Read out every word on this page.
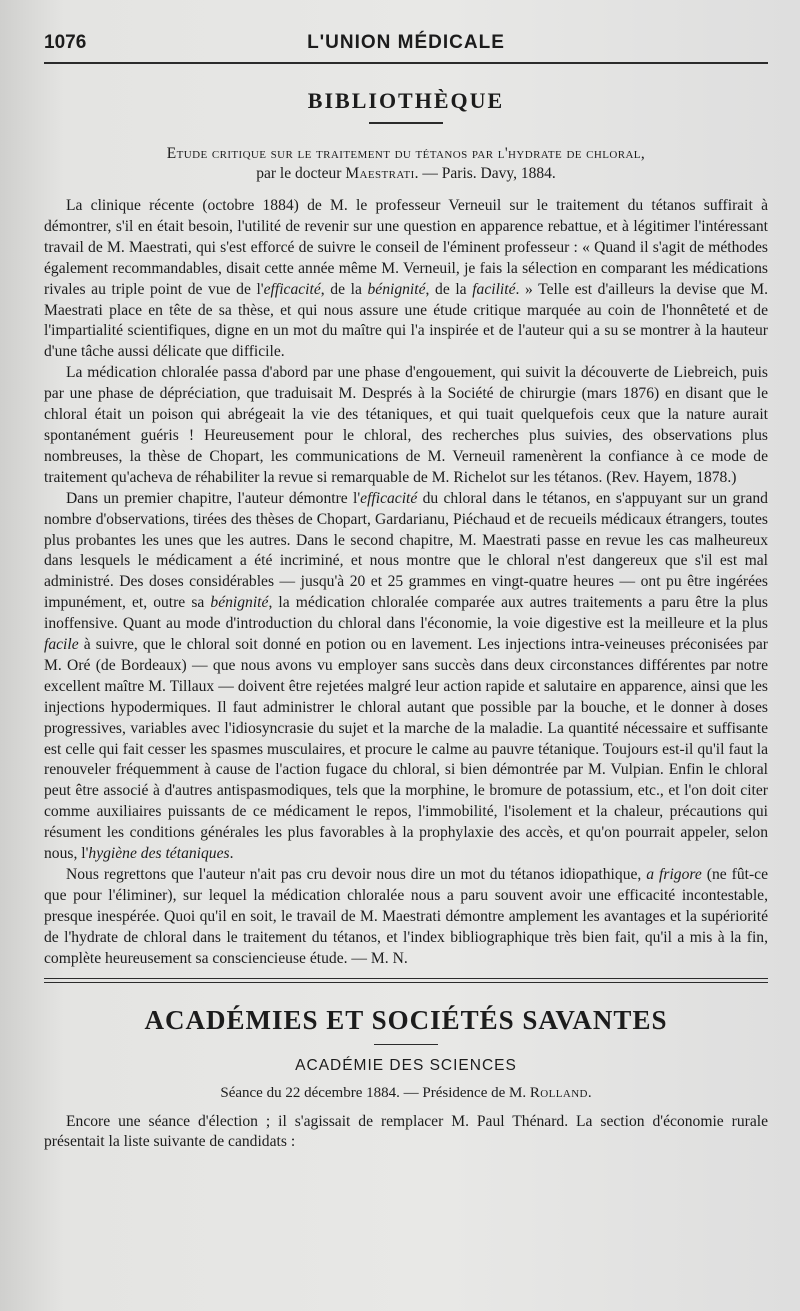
1076	L'UNION MÉDICALE
BIBLIOTHÈQUE
Etude critique sur le traitement du tétanos par l'hydrate de chloral,
par le docteur Maestrati. — Paris. Davy, 1884.

La clinique récente (octobre 1884) de M. le professeur Verneuil sur le traitement du tétanos suffirait à démontrer, s'il en était besoin, l'utilité de revenir sur une question en apparence rebattue, et à légitimer l'intéressant travail de M. Maestrati, qui s'est efforcé de suivre le conseil de l'éminent professeur : « Quand il s'agit de méthodes également recommandables, disait cette année même M. Verneuil, je fais la sélection en comparant les médications rivales au triple point de vue de l'efficacité, de la bénignité, de la facilité. » Telle est d'ailleurs la devise que M. Maestrati place en tête de sa thèse, et qui nous assure une étude critique marquée au coin de l'honnêteté et de l'impartialité scientifiques, digne en un mot du maître qui l'a inspirée et de l'auteur qui a su se montrer à la hauteur d'une tâche aussi délicate que difficile.

La médication chloralée passa d'abord par une phase d'engouement, qui suivit la découverte de Liebreich, puis par une phase de dépréciation, que traduisait M. Després à la Société de chirurgie (mars 1876) en disant que le chloral était un poison qui abrégeait la vie des tétaniques, et qui tuait quelquefois ceux que la nature aurait spontanément guéris ! Heureusement pour le chloral, des recherches plus suivies, des observations plus nombreuses, la thèse de Chopart, les communications de M. Verneuil ramenèrent la confiance à ce mode de traitement qu'acheva de réhabiliter la revue si remarquable de M. Richelot sur les tétanos. (Rev. Hayem, 1878.)

Dans un premier chapitre, l'auteur démontre l'efficacité du chloral dans le tétanos, en s'appuyant sur un grand nombre d'observations, tirées des thèses de Chopart, Gardarianu, Piéchaud et de recueils médicaux étrangers, toutes plus probantes les unes que les autres. Dans le second chapitre, M. Maestrati passe en revue les cas malheureux dans lesquels le médicament a été incriminé, et nous montre que le chloral n'est dangereux que s'il est mal administré. Des doses considérables — jusqu'à 20 et 25 grammes en vingt-quatre heures — ont pu être ingérées impunément, et, outre sa bénignité, la médication chloralée comparée aux autres traitements a paru être la plus inoffensive. Quant au mode d'introduction du chloral dans l'économie, la voie digestive est la meilleure et la plus facile à suivre, que le chloral soit donné en potion ou en lavement. Les injections intra-veineuses préconisées par M. Oré (de Bordeaux) — que nous avons vu employer sans succès dans deux circonstances différentes par notre excellent maître M. Tillaux — doivent être rejetées malgré leur action rapide et salutaire en apparence, ainsi que les injections hypodermiques. Il faut administrer le chloral autant que possible par la bouche, et le donner à doses progressives, variables avec l'idiosyncrasie du sujet et la marche de la maladie. La quantité nécessaire et suffisante est celle qui fait cesser les spasmes musculaires, et procure le calme au pauvre tétanique. Toujours est-il qu'il faut la renouveler fréquemment à cause de l'action fugace du chloral, si bien démontrée par M. Vulpian. Enfin le chloral peut être associé à d'autres antispasmodiques, tels que la morphine, le bromure de potassium, etc., et l'on doit citer comme auxiliaires puissants de ce médicament le repos, l'immobilité, l'isolement et la chaleur, précautions qui résument les conditions générales les plus favorables à la prophylaxie des accès, et qu'on pourrait appeler, selon nous, l'hygiène des tétaniques.

Nous regrettons que l'auteur n'ait pas cru devoir nous dire un mot du tétanos idiopathique, a frigore (ne fût-ce que pour l'éliminer), sur lequel la médication chloralée nous a paru souvent avoir une efficacité incontestable, presque inespérée. Quoi qu'il en soit, le travail de M. Maestrati démontre amplement les avantages et la supériorité de l'hydrate de chloral dans le traitement du tétanos, et l'index bibliographique très bien fait, qu'il a mis à la fin, complète heureusement sa consciencieuse étude. — M. N.

ACADÉMIES ET SOCIÉTÉS SAVANTES
ACADÉMIE DES SCIENCES
Séance du 22 décembre 1884. — Présidence de M. Rolland.

Encore une séance d'élection ; il s'agissait de remplacer M. Paul Thénard. La section d'économie rurale présentait la liste suivante de candidats :
